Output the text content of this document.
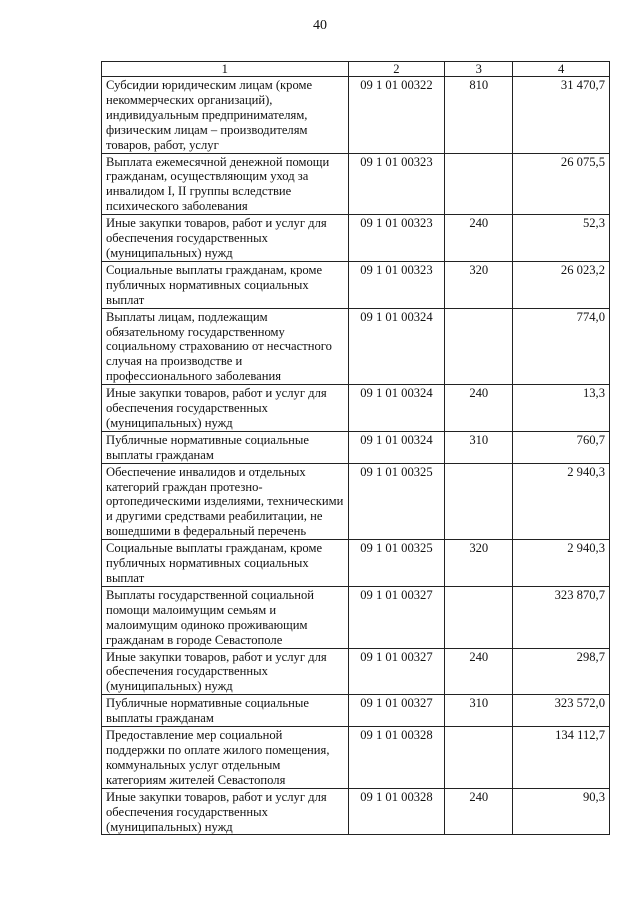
40
1	2	3	4
Субсидии юридическим лицам (кроме некоммерческих организаций), индивидуальным предпринимателям, физическим лицам – производителям товаров, работ, услуг	09 1 01 00322	810	31 470,7
Выплата ежемесячной денежной помощи гражданам, осуществляющим уход за инвалидом I, II группы вследствие психического заболевания	09 1 01 00323		26 075,5
Иные закупки товаров, работ и услуг для обеспечения государственных (муниципальных) нужд	09 1 01 00323	240	52,3
Социальные выплаты гражданам, кроме публичных нормативных социальных выплат	09 1 01 00323	320	26 023,2
Выплаты лицам, подлежащим обязательному государственному социальному страхованию от несчастного случая на производстве и профессионального заболевания	09 1 01 00324		774,0
Иные закупки товаров, работ и услуг для обеспечения государственных (муниципальных) нужд	09 1 01 00324	240	13,3
Публичные нормативные социальные выплаты гражданам	09 1 01 00324	310	760,7
Обеспечение инвалидов и отдельных категорий граждан протезно-ортопедическими изделиями, техническими и другими средствами реабилитации, не вошедшими в федеральный перечень	09 1 01 00325		2 940,3
Социальные выплаты гражданам, кроме публичных нормативных социальных выплат	09 1 01 00325	320	2 940,3
Выплаты государственной социальной помощи малоимущим семьям и малоимущим одиноко проживающим гражданам в городе Севастополе	09 1 01 00327		323 870,7
Иные закупки товаров, работ и услуг для обеспечения государственных (муниципальных) нужд	09 1 01 00327	240	298,7
Публичные нормативные социальные выплаты гражданам	09 1 01 00327	310	323 572,0
Предоставление мер социальной поддержки по оплате жилого помещения, коммунальных услуг отдельным категориям жителей Севастополя	09 1 01 00328		134 112,7
Иные закупки товаров, работ и услуг для обеспечения государственных (муниципальных) нужд	09 1 01 00328	240	90,3
